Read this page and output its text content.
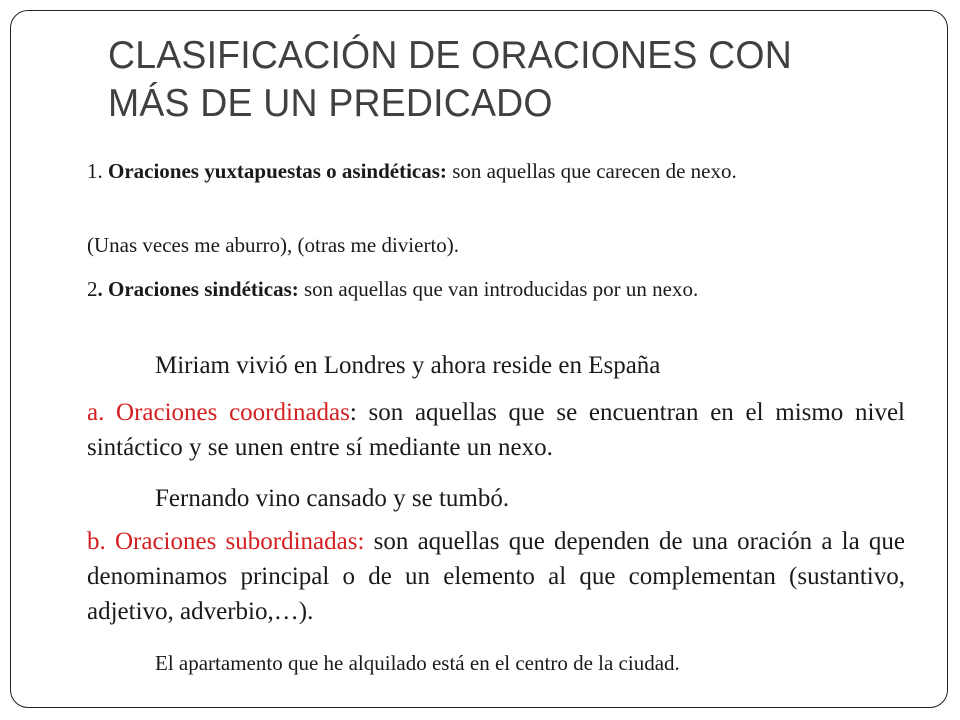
CLASIFICACIÓN DE ORACIONES CON MÁS DE UN PREDICADO
1. Oraciones yuxtapuestas o asindéticas: son aquellas que carecen de nexo.
(Unas veces me aburro), (otras me divierto).
2. Oraciones sindéticas: son aquellas que van introducidas por un nexo.
Miriam vivió en Londres y ahora reside en España
a. Oraciones coordinadas: son aquellas que se encuentran en el mismo nivel sintáctico y se unen entre sí mediante un nexo.
Fernando vino cansado y se tumbó.
b. Oraciones subordinadas: son aquellas que dependen de una oración a la que denominamos principal o de un elemento al que complementan (sustantivo, adjetivo, adverbio,…).
El apartamento que he alquilado está en el centro de la ciudad.
